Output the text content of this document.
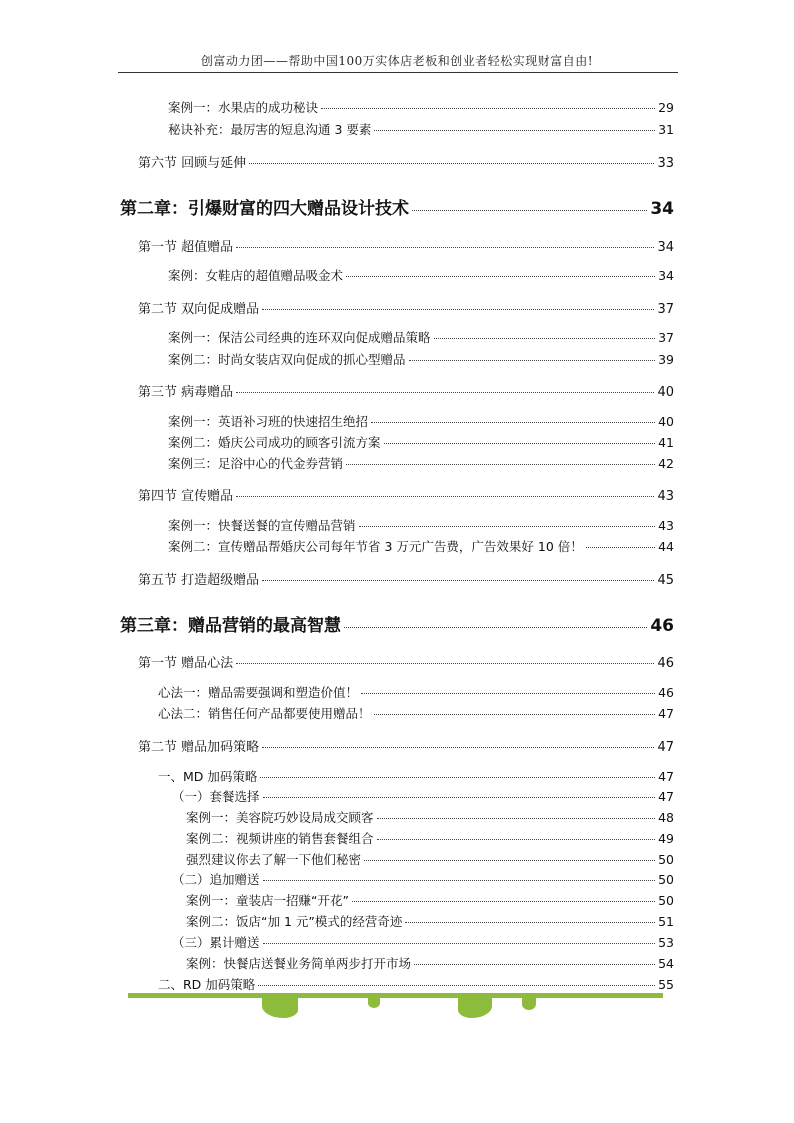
创富动力团——帮助中国100万实体店老板和创业者轻松实现财富自由!
案例一：水果店的成功秘诀	29
秘诀补充：最厉害的短息沟通 3 要素	31
第六节 回顾与延伸	33
第二章：引爆财富的四大赠品设计技术	34
第一节 超值赠品	34
案例：女鞋店的超值赠品吸金术	34
第二节 双向促成赠品	37
案例一：保洁公司经典的连环双向促成赠品策略	37
案例二：时尚女装店双向促成的抓心型赠品	39
第三节 病毒赠品	40
案例一：英语补习班的快速招生绝招	40
案例二：婚庆公司成功的顾客引流方案	41
案例三：足浴中心的代金券营销	42
第四节 宣传赠品	43
案例一：快餐送餐的宣传赠品营销	43
案例二：宣传赠品帮婚庆公司每年节省 3 万元广告费，广告效果好 10 倍！	44
第五节 打造超级赠品	45
第三章：赠品营销的最高智慧	46
第一节 赠品心法	46
心法一：赠品需要强调和塑造价值！	46
心法二：销售任何产品都要使用赠品！	47
第二节 赠品加码策略	47
一、MD 加码策略	47
（一）套餐选择	47
案例一：美容院巧妙设局成交顾客	48
案例二：视频讲座的销售套餐组合	49
强烈建议你去了解一下他们秘密	50
（二）追加赠送	50
案例一：童装店一招赚“开花”	50
案例二：饭店“加 1 元”模式的经营奇迹	51
（三）累计赠送	53
案例：快餐店送餐业务简单两步打开市场	54
二、RD 加码策略	55
